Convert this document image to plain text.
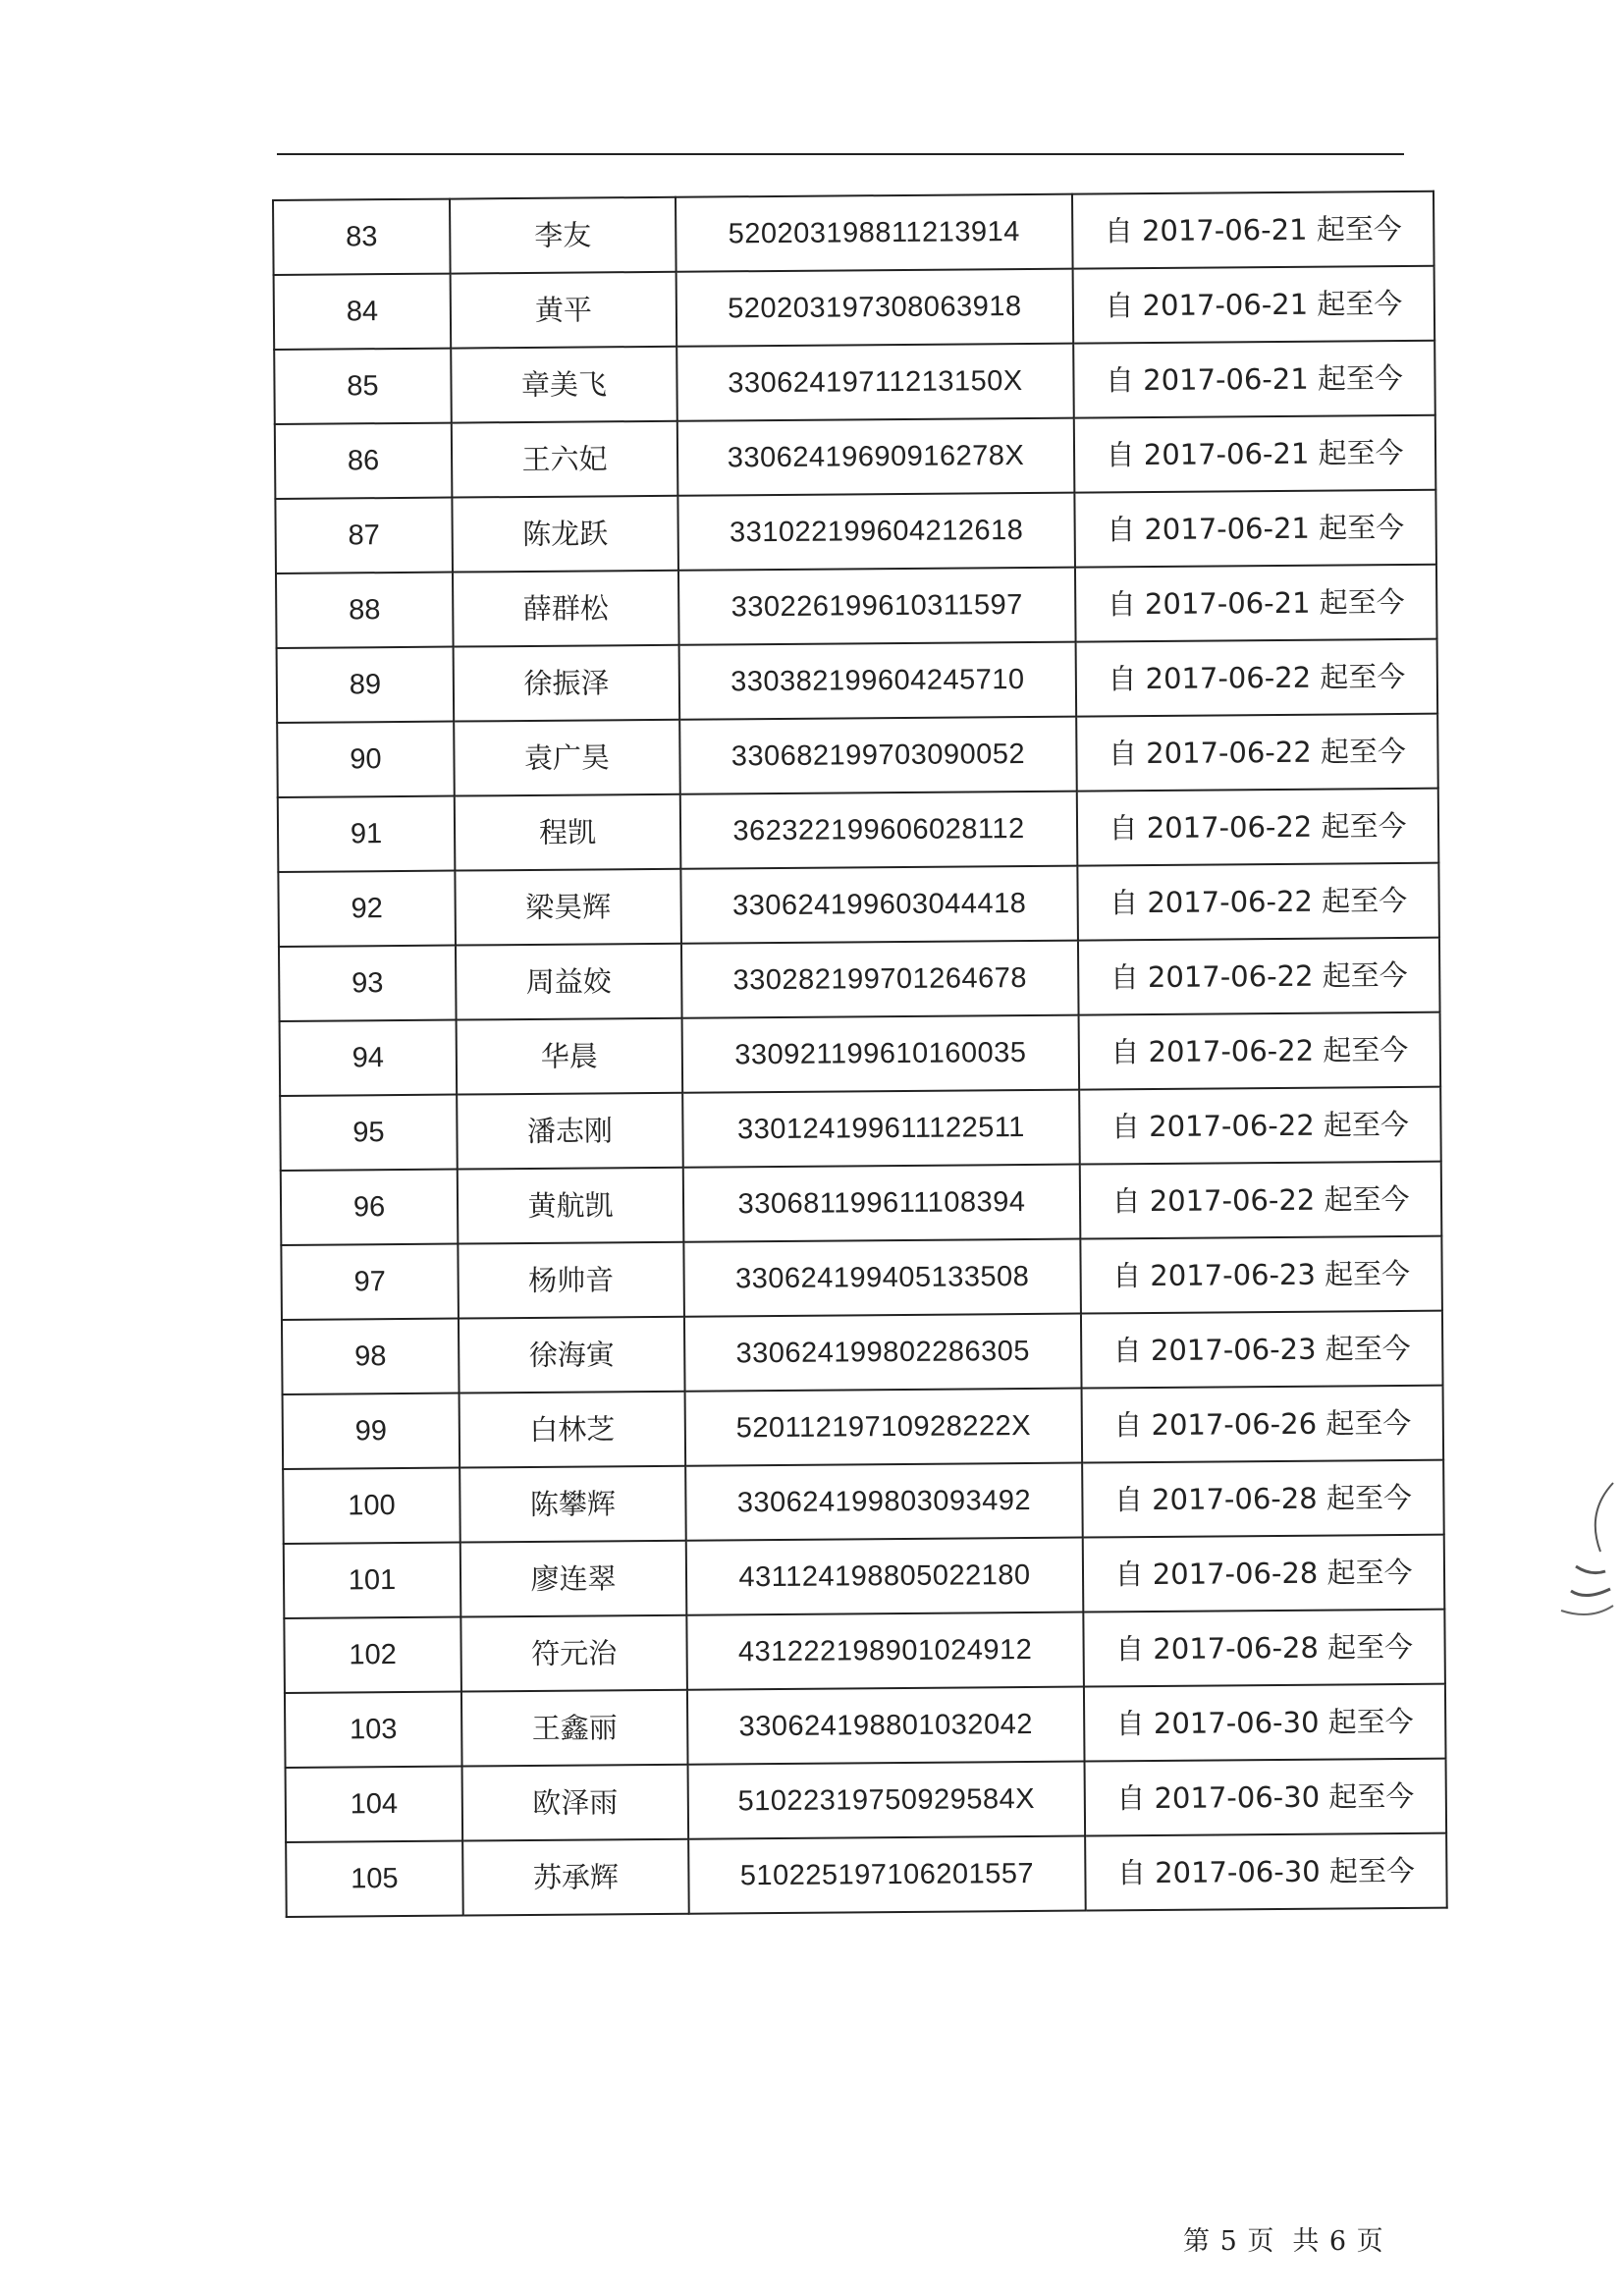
83	李友	520203198811213914	自 2017-06-21 起至今
84	黄平	520203197308063918	自 2017-06-21 起至今
85	章美飞	33062419711213150X	自 2017-06-21 起至今
86	王六妃	33062419690916278X	自 2017-06-21 起至今
87	陈龙跃	331022199604212618	自 2017-06-21 起至今
88	薛群松	330226199610311597	自 2017-06-21 起至今
89	徐振泽	330382199604245710	自 2017-06-22 起至今
90	袁广昊	330682199703090052	自 2017-06-22 起至今
91	程凯	362322199606028112	自 2017-06-22 起至今
92	梁昊辉	330624199603044418	自 2017-06-22 起至今
93	周益姣	330282199701264678	自 2017-06-22 起至今
94	华晨	330921199610160035	自 2017-06-22 起至今
95	潘志刚	330124199611122511	自 2017-06-22 起至今
96	黄航凯	330681199611108394	自 2017-06-22 起至今
97	杨帅音	330624199405133508	自 2017-06-23 起至今
98	徐海寅	330624199802286305	自 2017-06-23 起至今
99	白林芝	52011219710928222X	自 2017-06-26 起至今
100	陈攀辉	330624199803093492	自 2017-06-28 起至今
101	廖连翠	431124198805022180	自 2017-06-28 起至今
102	符元治	431222198901024912	自 2017-06-28 起至今
103	王鑫丽	330624198801032042	自 2017-06-30 起至今
104	欧泽雨	51022319750929584X	自 2017-06-30 起至今
105	苏承辉	510225197106201557	自 2017-06-30 起至今
第 5 页 共 6 页
